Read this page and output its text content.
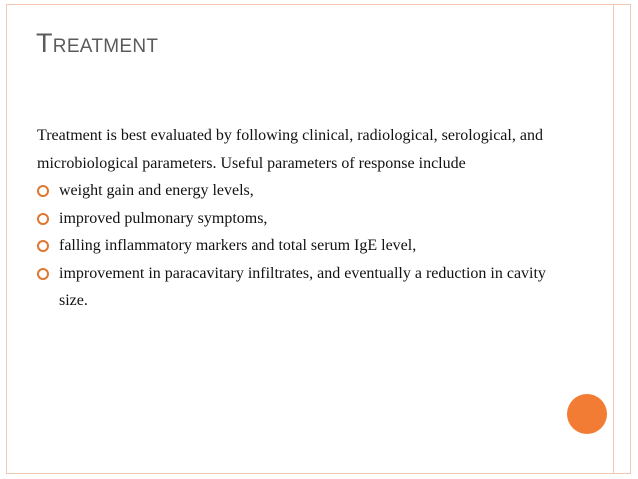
Treatment

Treatment is best evaluated by following clinical, radiological, serological, and microbiological parameters. Useful parameters of response include

weight gain and energy levels,
improved pulmonary symptoms,
falling inflammatory markers and total serum IgE level,
improvement in paracavitary infiltrates, and eventually a reduction in cavity size.
